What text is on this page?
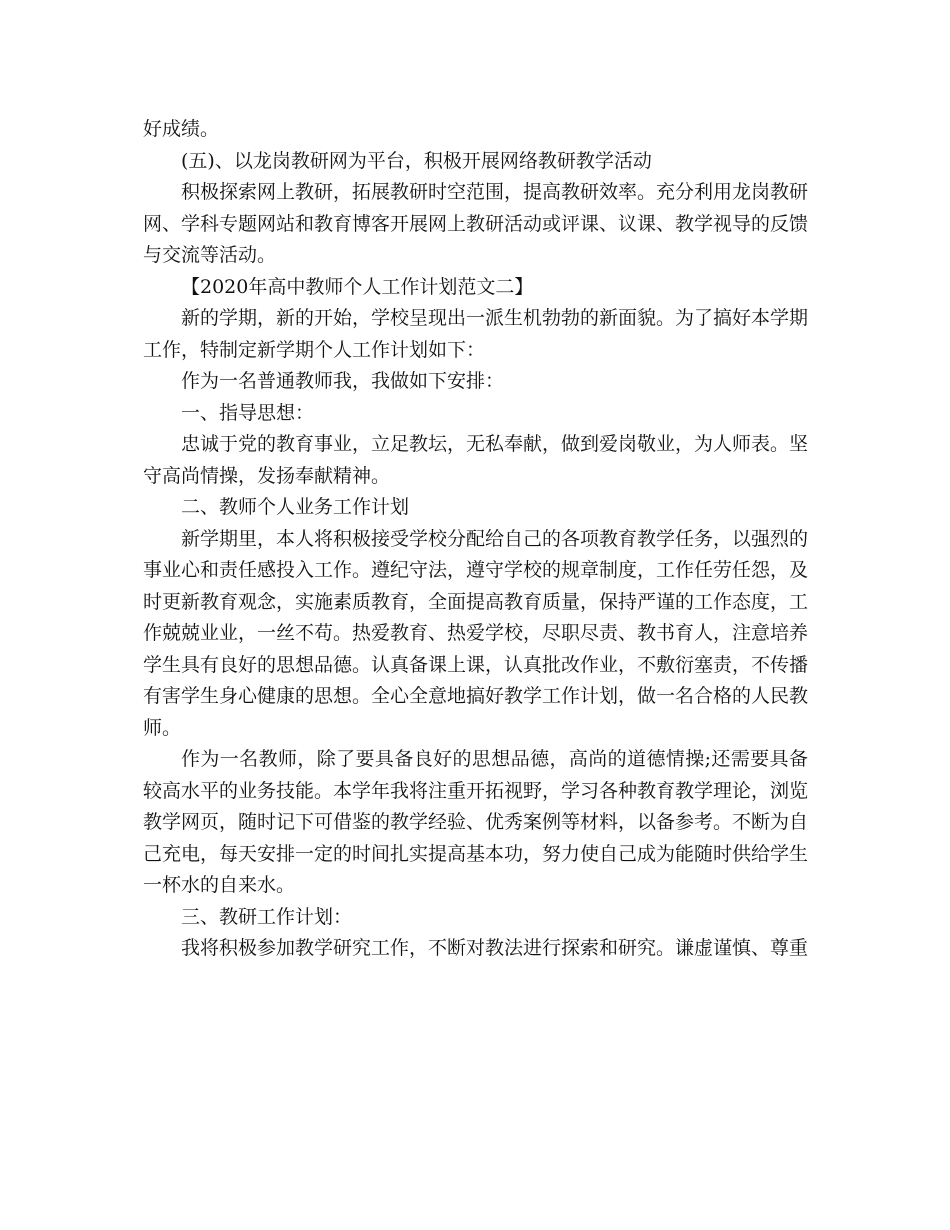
好成绩。

(五)、以龙岗教研网为平台，积极开展网络教研教学活动

积极探索网上教研，拓展教研时空范围，提高教研效率。充分利用龙岗教研网、学科专题网站和教育博客开展网上教研活动或评课、议课、教学视导的反馈与交流等活动。

【2020年高中教师个人工作计划范文二】

新的学期，新的开始，学校呈现出一派生机勃勃的新面貌。为了搞好本学期工作，特制定新学期个人工作计划如下：

作为一名普通教师我，我做如下安排：

一、指导思想：

忠诚于党的教育事业，立足教坛，无私奉献，做到爱岗敬业，为人师表。坚守高尚情操，发扬奉献精神。

二、教师个人业务工作计划

新学期里，本人将积极接受学校分配给自己的各项教育教学任务，以强烈的事业心和责任感投入工作。遵纪守法，遵守学校的规章制度，工作任劳任怨，及时更新教育观念，实施素质教育，全面提高教育质量，保持严谨的工作态度，工作兢兢业业，一丝不苟。热爱教育、热爱学校，尽职尽责、教书育人，注意培养学生具有良好的思想品德。认真备课上课，认真批改作业，不敷衍塞责，不传播有害学生身心健康的思想。全心全意地搞好教学工作计划，做一名合格的人民教师。

作为一名教师，除了要具备良好的思想品德，高尚的道德情操;还需要具备较高水平的业务技能。本学年我将注重开拓视野，学习各种教育教学理论，浏览教学网页，随时记下可借鉴的教学经验、优秀案例等材料，以备参考。不断为自己充电，每天安排一定的时间扎实提高基本功，努力使自己成为能随时供给学生一杯水的自来水。

三、教研工作计划：

我将积极参加教学研究工作，不断对教法进行探索和研究。谦虚谨慎、尊重
